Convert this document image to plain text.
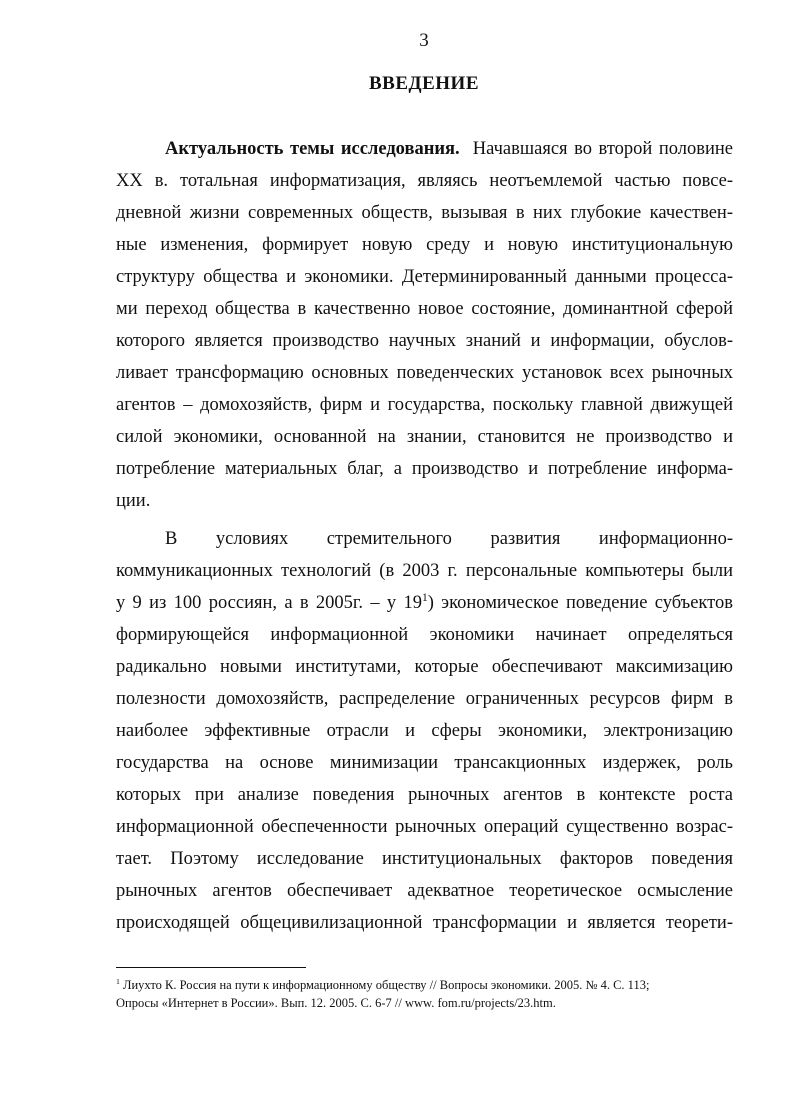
3
ВВЕДЕНИЕ
Актуальность темы исследования. Начавшаяся во второй половине
XX в. тотальная информатизация, являясь неотъемлемой частью повсе-
дневной жизни современных обществ, вызывая в них глубокие качествен-
ные изменения, формирует новую среду и новую институциональную
структуру общества и экономики. Детерминированный данными процесса-
ми переход общества в качественно новое состояние, доминантной сферой
которого является производство научных знаний и информации, обуслов-
ливает трансформацию основных поведенческих установок всех рыночных
агентов – домохозяйств, фирм и государства, поскольку главной движущей
силой экономики, основанной на знании, становится не производство и
потребление материальных благ, а производство и потребление информа-
ции.
В условиях стремительного развития информационно-
коммуникационных технологий (в 2003 г. персональные компьютеры были
у 9 из 100 россиян, а в 2005г. – у $19^1$) экономическое поведение субъектов
формирующейся информационной экономики начинает определяться
радикально новыми институтами, которые обеспечивают максимизацию
полезности домохозяйств, распределение ограниченных ресурсов фирм в
наиболее эффективные отрасли и сферы экономики, электронизацию
государства на основе минимизации трансакционных издержек, роль
которых при анализе поведения рыночных агентов в контексте роста
информационной обеспеченности рыночных операций существенно возрас-
тает. Поэтому исследование институциональных факторов поведения
рыночных агентов обеспечивает адекватное теоретическое осмысление
происходящей общецивилизационной трансформации и является теорети-
$^1$ Лиухто К. Россия на пути к информационному обществу // Вопросы экономики. 2005. № 4. С. 113;
Опросы «Интернет в России». Вып. 12. 2005. С. 6-7 // www. fom.ru/projects/23.htm.
